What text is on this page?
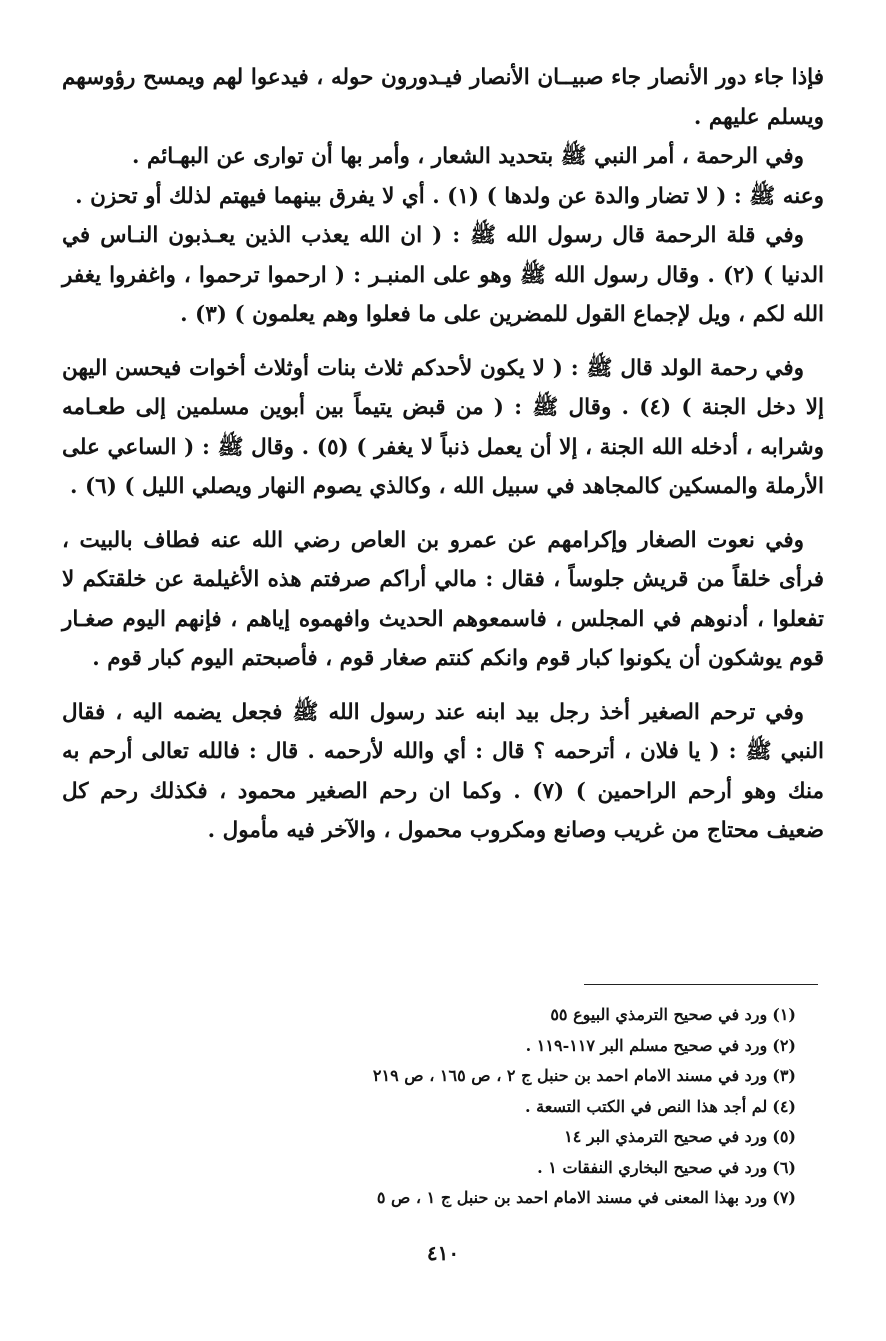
فإذا جاء دور الأنصار جاء صبيــان الأنصار فيـدورون حوله ، فيدعوا لهم ويمسح رؤوسهم ويسلم عليهم .

وفي الرحمة ، أمر النبي ﷺ بتحديد الشعار ، وأمر بها أن توارى عن البهـائم .

وعنه ﷺ : ( لا تضار والدة عن ولدها ) (١) . أي لا يفرق بينهما فيهتم لذلك أو تحزن .

وفي قلة الرحمة قال رسول الله ﷺ : ( ان الله يعذب الذين يعـذبون النـاس في الدنيا ) (٢) . وقال رسول الله ﷺ وهو على المنبـر : ( ارحموا ترحموا ، واغفروا يغفر الله لكم ، ويل لإجماع القول للمضرين على ما فعلوا وهم يعلمون ) (٣) .

وفي رحمة الولد قال ﷺ : ( لا يكون لأحدكم ثلاث بنات أوثلاث أخوات فيحسن اليهن إلا دخل الجنة ) (٤) . وقال ﷺ : ( من قبض يتيماً بين أبوين مسلمين إلى طعـامه وشرابه ، أدخله الله الجنة ، إلا أن يعمل ذنباً لا يغفر ) (٥) . وقال ﷺ : ( الساعي على الأرملة والمسكين كالمجاهد في سبيل الله ، وكالذي يصوم النهار ويصلي الليل ) (٦) .

وفي نعوت الصغار وإكرامهم عن عمرو بن العاص رضي الله عنه فطاف بالبيت ، فرأى خلقاً من قريش جلوساً ، فقال : مالي أراكم صرفتم هذه الأغيلمة عن خلقتكم لا تفعلوا ، أدنوهم في المجلس ، فاسمعوهم الحديث وافهموه إياهم ، فإنهم اليوم صغـار قوم يوشكون أن يكونوا كبار قوم وانكم كنتم صغار قوم ، فأصبحتم اليوم كبار قوم .

وفي ترحم الصغير أخذ رجل بيد ابنه عند رسول الله ﷺ فجعل يضمه اليه ، فقال النبي ﷺ : ( يا فلان ، أترحمه ؟ قال : أي والله لأرحمه . قال : فالله تعالى أرحم به منك وهو أرحم الراحمين ) (٧) . وكما ان رحم الصغير محمود ، فكذلك رحم كل ضعيف محتاج من غريب وصانع ومكروب محمول ، والآخر فيه مأمول .

(١)ورد في صحيح الترمذي البيوع ٥٥

(٢)ورد في صحيح مسلم البر ١١٧-١١٩ .

(٣)ورد في مسند الامام احمد بن حنبل ج ٢ ، ص ١٦٥ ، ص ٢١٩

(٤)لم أجد هذا النص في الكتب التسعة .

(٥)ورد في صحيح الترمذي البر ١٤

(٦)ورد في صحيح البخاري النفقات ١ .

(٧)ورد بهذا المعنى في مسند الامام احمد بن حنبل ج ١ ، ص ٥

٤١٠
